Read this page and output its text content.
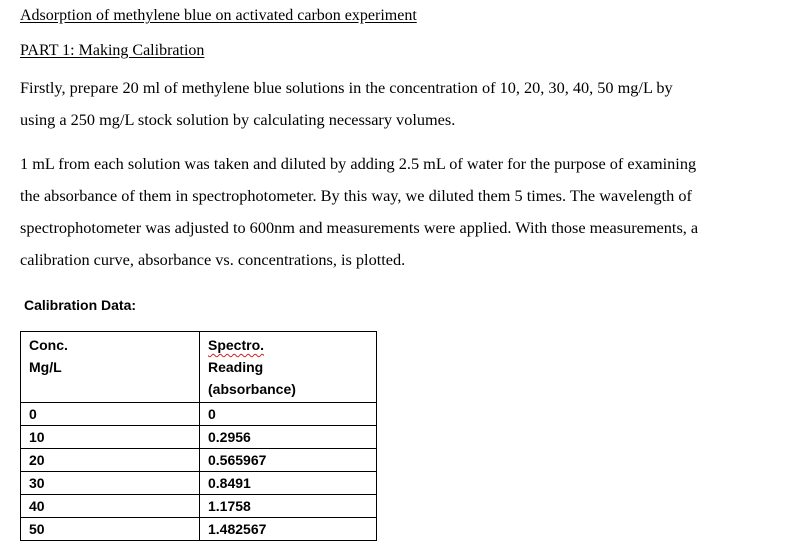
Adsorption of methylene blue on activated carbon experiment
PART 1: Making Calibration
Firstly, prepare 20 ml of methylene blue solutions in the concentration of 10, 20, 30, 40, 50 mg/L by
using a 250 mg/L stock solution by calculating necessary volumes.
1 mL from each solution was taken and diluted by adding 2.5 mL of water for the purpose of examining
the absorbance of them in spectrophotometer. By this way, we diluted them 5 times. The wavelength of
spectrophotometer was adjusted to 600nm and measurements were applied. With those measurements, a
calibration curve, absorbance vs. concentrations, is plotted.
Calibration Data:
Conc.
Mg/L	Spectro.
Reading
(absorbance)

0	0
10	0.2956
20	0.565967
30	0.8491
40	1.1758
50	1.482567
